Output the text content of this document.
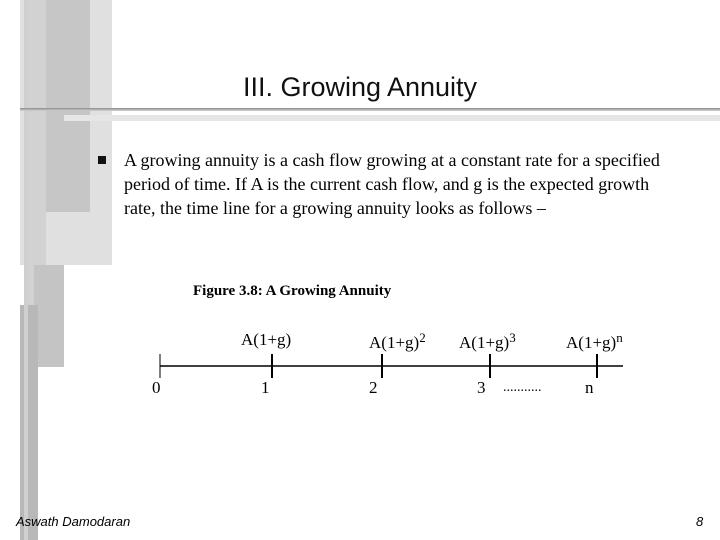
III. Growing Annuity
A growing annuity is a cash flow growing at a constant rate for a specified period of time. If A is the current cash flow, and g is the expected growth rate, the time line for a growing annuity looks as follows –
Figure 3.8: A Growing Annuity
A(1+g)	$A(1+g)^2$ $A(1+g)^3$	$A(1+g)^n$
0	1	2	3 ...........	n
Aswath Damodaran	8
